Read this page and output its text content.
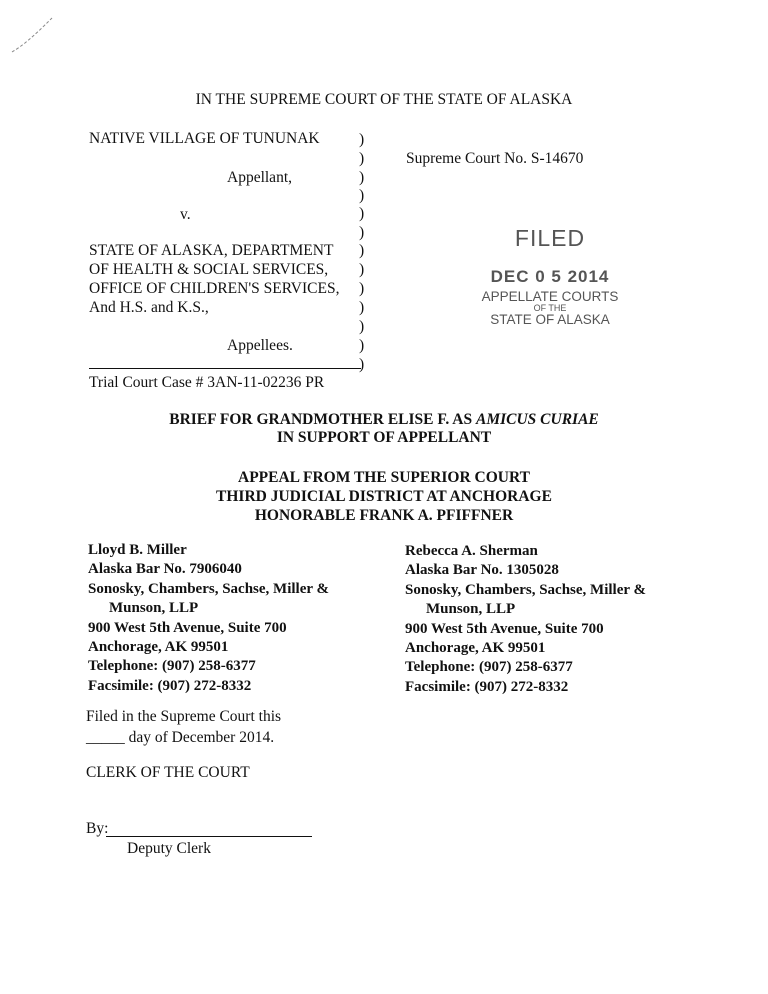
IN THE SUPREME COURT OF THE STATE OF ALASKA
NATIVE VILLAGE OF TUNUNAK
Appellant,
v.
STATE OF ALASKA, DEPARTMENT
OF HEALTH & SOCIAL SERVICES,
OFFICE OF CHILDREN'S SERVICES,
And H.S. and K.S.,
Appellees.
)
)
)
)
)
)
)
)
)
)
)
)
)
Trial Court Case # 3AN-11-02236 PR
Supreme Court No. S-14670
FILED
DEC 0 5 2014
APPELLATE COURTS
OF THE
STATE OF ALASKA
BRIEF FOR GRANDMOTHER ELISE F. AS AMICUS CURIAE
IN SUPPORT OF APPELLANT
APPEAL FROM THE SUPERIOR COURT
THIRD JUDICIAL DISTRICT AT ANCHORAGE
HONORABLE FRANK A. PFIFFNER
Lloyd B. Miller
Alaska Bar No. 7906040
Sonosky, Chambers, Sachse, Miller &
Munson, LLP
900 West 5th Avenue, Suite 700
Anchorage, AK 99501
Telephone: (907) 258-6377
Facsimile: (907) 272-8332
Rebecca A. Sherman
Alaska Bar No. 1305028
Sonosky, Chambers, Sachse, Miller &
Munson, LLP
900 West 5th Avenue, Suite 700
Anchorage, AK 99501
Telephone: (907) 258-6377
Facsimile: (907) 272-8332
Filed in the Supreme Court this
_____ day of December 2014.
CLERK OF THE COURT
By:
Deputy Clerk
